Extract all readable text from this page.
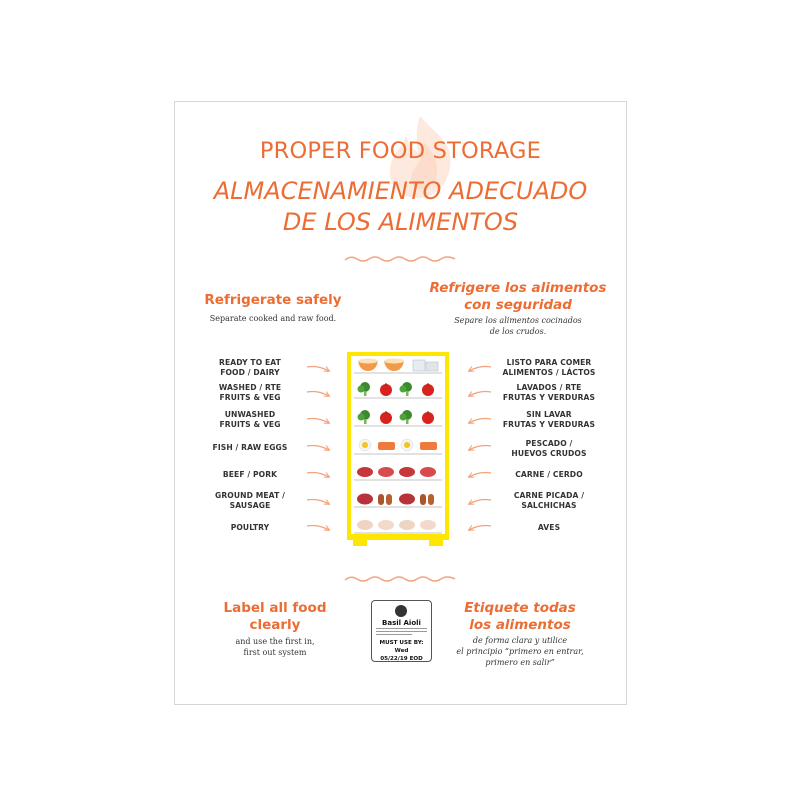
PROPER FOOD STORAGE
ALMACENAMIENTO ADECUADO
DE LOS ALIMENTOS
Refrigerate safely
Separate cooked and raw food.
Refrigere los alimentos
con seguridad
Separe los alimentos cocinados
de los crudos.
READY TO EAT
FOOD / DAIRY
WASHED / RTE
FRUITS & VEG
UNWASHED
FRUITS & VEG
FISH / RAW EGGS
BEEF / PORK
GROUND MEAT /
SAUSAGE
POULTRY
LISTO PARA COMER
ALIMENTOS / LÁCTOS
LAVADOS / RTE
FRUTAS Y VERDURAS
SIN LAVAR
FRUTAS Y VERDURAS
PESCADO /
HUEVOS CRUDOS
CARNE / CERDO
CARNE PICADA /
SALCHICHAS
AVES
Label all food
clearly
and use the first in,
first out system
Basil Aioli
MUST USE BY: Wed
05/22/19 EOD
Etiquete todas
los alimentos
de forma clara y utilice
el principio “primero en entrar,
primero en salir”
